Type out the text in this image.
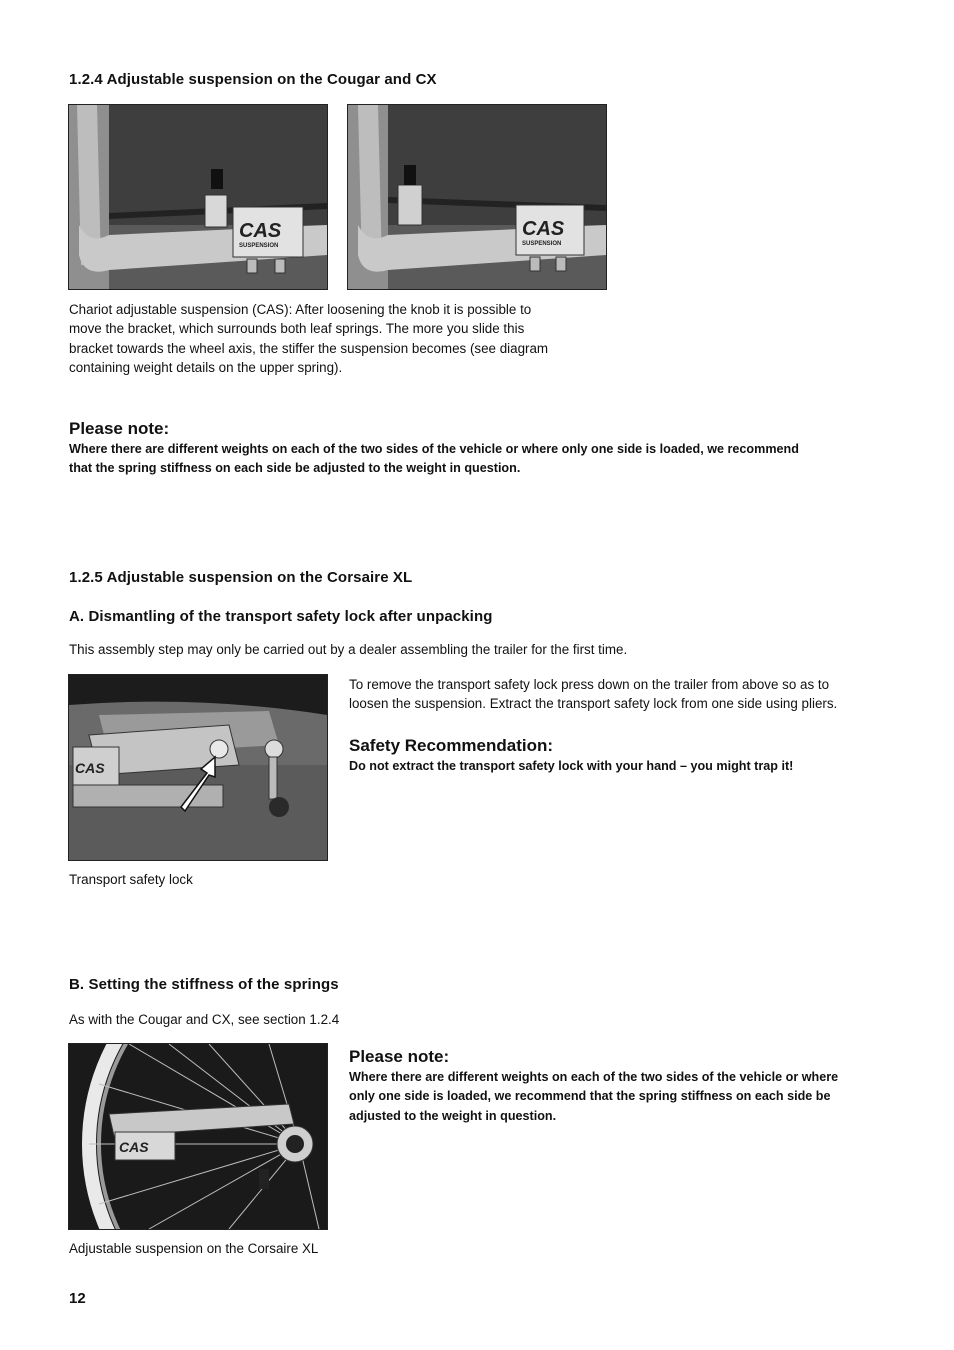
1.2.4 Adjustable suspension on the Cougar and CX
CAS
SUSPENSION
CAS
SUSPENSION
Chariot adjustable suspension (CAS): After loosening the knob it is possible to
move the bracket, which surrounds both leaf springs. The more you slide this
bracket towards the wheel axis, the stiffer the suspension becomes (see diagram
containing weight details on the upper spring).
Please note:
Where there are different weights on each of the two sides of the vehicle or where only one side is loaded, we recommend
that the spring stiffness on each side be adjusted to the weight in question.
1.2.5 Adjustable suspension on the Corsaire XL
A. Dismantling of the transport safety lock after unpacking
This assembly step may only be carried out by a dealer assembling the trailer for the first time.
CAS
To remove the transport safety lock press down on the trailer from above so as to
loosen the suspension. Extract the transport safety lock from one side using pliers.
Safety Recommendation:
Do not extract the transport safety lock with your hand – you might trap it!
Transport safety lock
B. Setting the stiffness of the springs
As with the Cougar and CX, see section 1.2.4
CAS
Please note:
Where there are different weights on each of the two sides of the vehicle or where
only one side is loaded, we recommend that the spring stiffness on each side be
adjusted to the weight in question.
Adjustable suspension on the Corsaire XL
12
